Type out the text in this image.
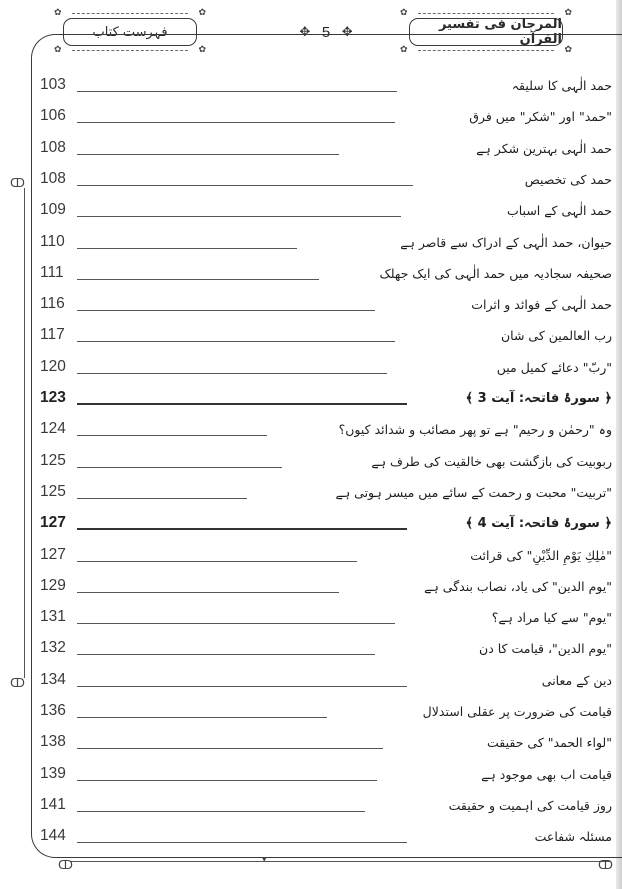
✿	✿
✿	✿
فہرست کتاب ✥	5
✥
✿	✿
✿	✿
المرجان فی تفسیر القرآن
ↀ
ↀ
ↀ	▾	ↀ
103	حمد الٰہی کا سلیقہ
106	"حمد" اور "شکر" میں فرق
108	حمد الٰہی بہترین شکر ہے
108	حمد کی تخصیص
109	حمد الٰہی کے اسباب
110	حیوان، حمد الٰہی کے ادراک سے قاصر ہے
111	صحیفہ سجادیہ میں حمد الٰہی کی ایک جھلک
116	حمد الٰہی کے فوائد و اثرات
117	رب العالمین کی شان
120	"ربّ" دعائے کمیل میں
123	﴿ سورۂ فاتحہ: آیت 3 ﴾
124	وہ "رحمٰن و رحیم" ہے تو پھر مصائب و شدائد کیوں؟
125	ربوبیت کی بازگشت بھی خالقیت کی طرف ہے
125	"تربیت" محبت و رحمت کے سائے میں میسر ہوتی ہے
127	﴿ سورۂ فاتحہ: آیت 4 ﴾
127	"مٰلِكِ يَوْمِ الدِّيْنِ" کی قرائت
129	"یوم الدین" کی یاد، نصاب بندگی ہے
131	"یوم" سے کیا مراد ہے؟
132	"یوم الدین"، قیامت کا دن
134	دین کے معانی
136	قیامت کی ضرورت پر عقلی استدلال
138	"لواء الحمد" کی حقیقت
139	قیامت اب بھی موجود ہے
141	روز قیامت کی اہمیت و حقیقت
144	مسئلہ شفاعت
